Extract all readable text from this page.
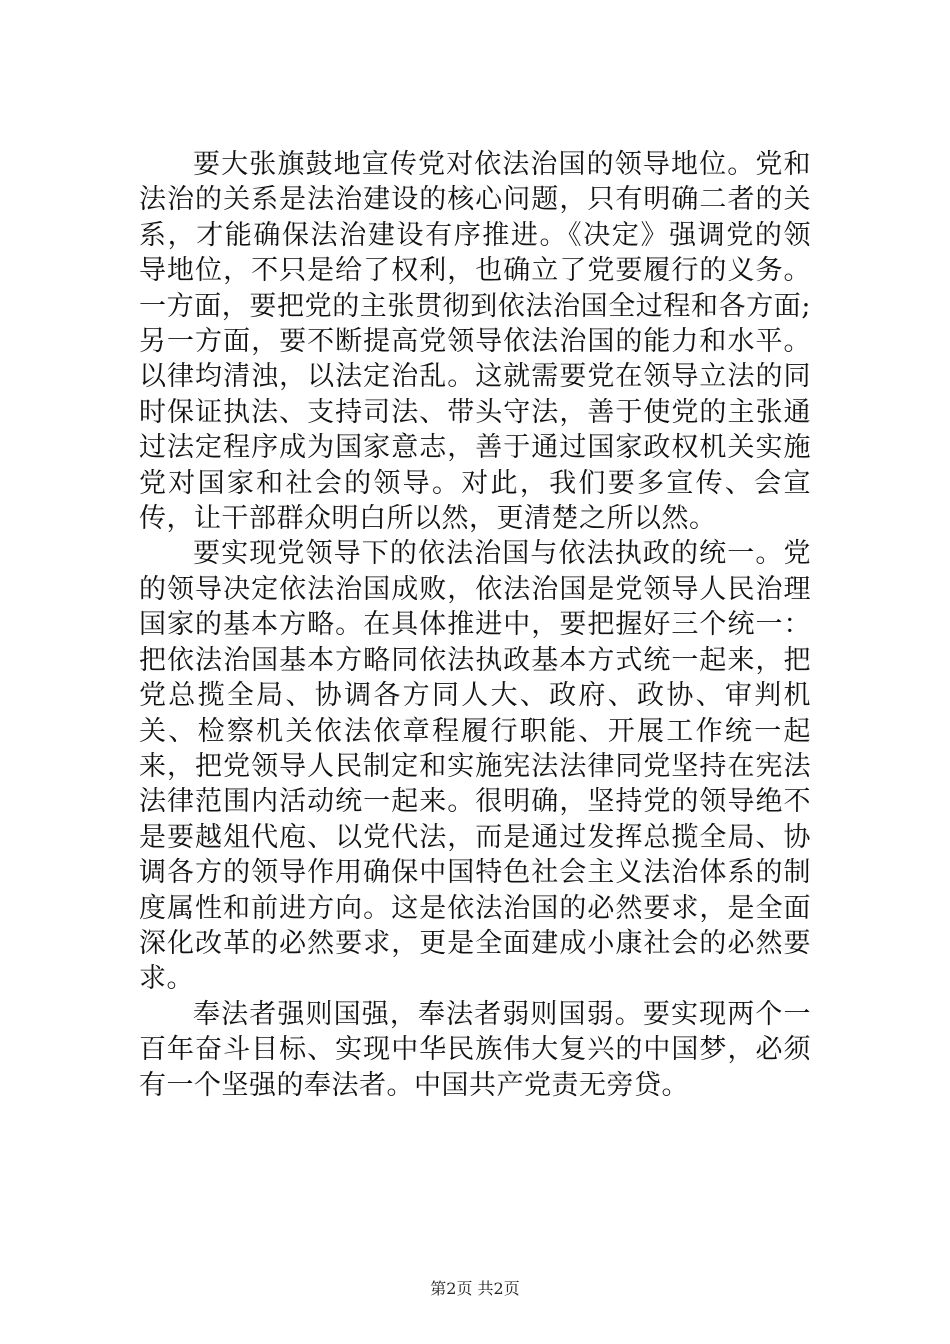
要大张旗鼓地宣传党对依法治国的领导地位。党和法治的关系是法治建设的核心问题，只有明确二者的关系，才能确保法治建设有序推进。《决定》强调党的领导地位，不只是给了权利，也确立了党要履行的义务。一方面，要把党的主张贯彻到依法治国全过程和各方面;另一方面，要不断提高党领导依法治国的能力和水平。以律均清浊，以法定治乱。这就需要党在领导立法的同时保证执法、支持司法、带头守法，善于使党的主张通过法定程序成为国家意志，善于通过国家政权机关实施党对国家和社会的领导。对此，我们要多宣传、会宣传，让干部群众明白所以然，更清楚之所以然。

要实现党领导下的依法治国与依法执政的统一。党的领导决定依法治国成败，依法治国是党领导人民治理国家的基本方略。在具体推进中，要把握好三个统一：把依法治国基本方略同依法执政基本方式统一起来，把党总揽全局、协调各方同人大、政府、政协、审判机关、检察机关依法依章程履行职能、开展工作统一起来，把党领导人民制定和实施宪法法律同党坚持在宪法法律范围内活动统一起来。很明确，坚持党的领导绝不是要越俎代庖、以党代法，而是通过发挥总揽全局、协调各方的领导作用确保中国特色社会主义法治体系的制度属性和前进方向。这是依法治国的必然要求，是全面深化改革的必然要求，更是全面建成小康社会的必然要求。

奉法者强则国强，奉法者弱则国弱。要实现两个一百年奋斗目标、实现中华民族伟大复兴的中国梦，必须有一个坚强的奉法者。中国共产党责无旁贷。

第2页 共2页
